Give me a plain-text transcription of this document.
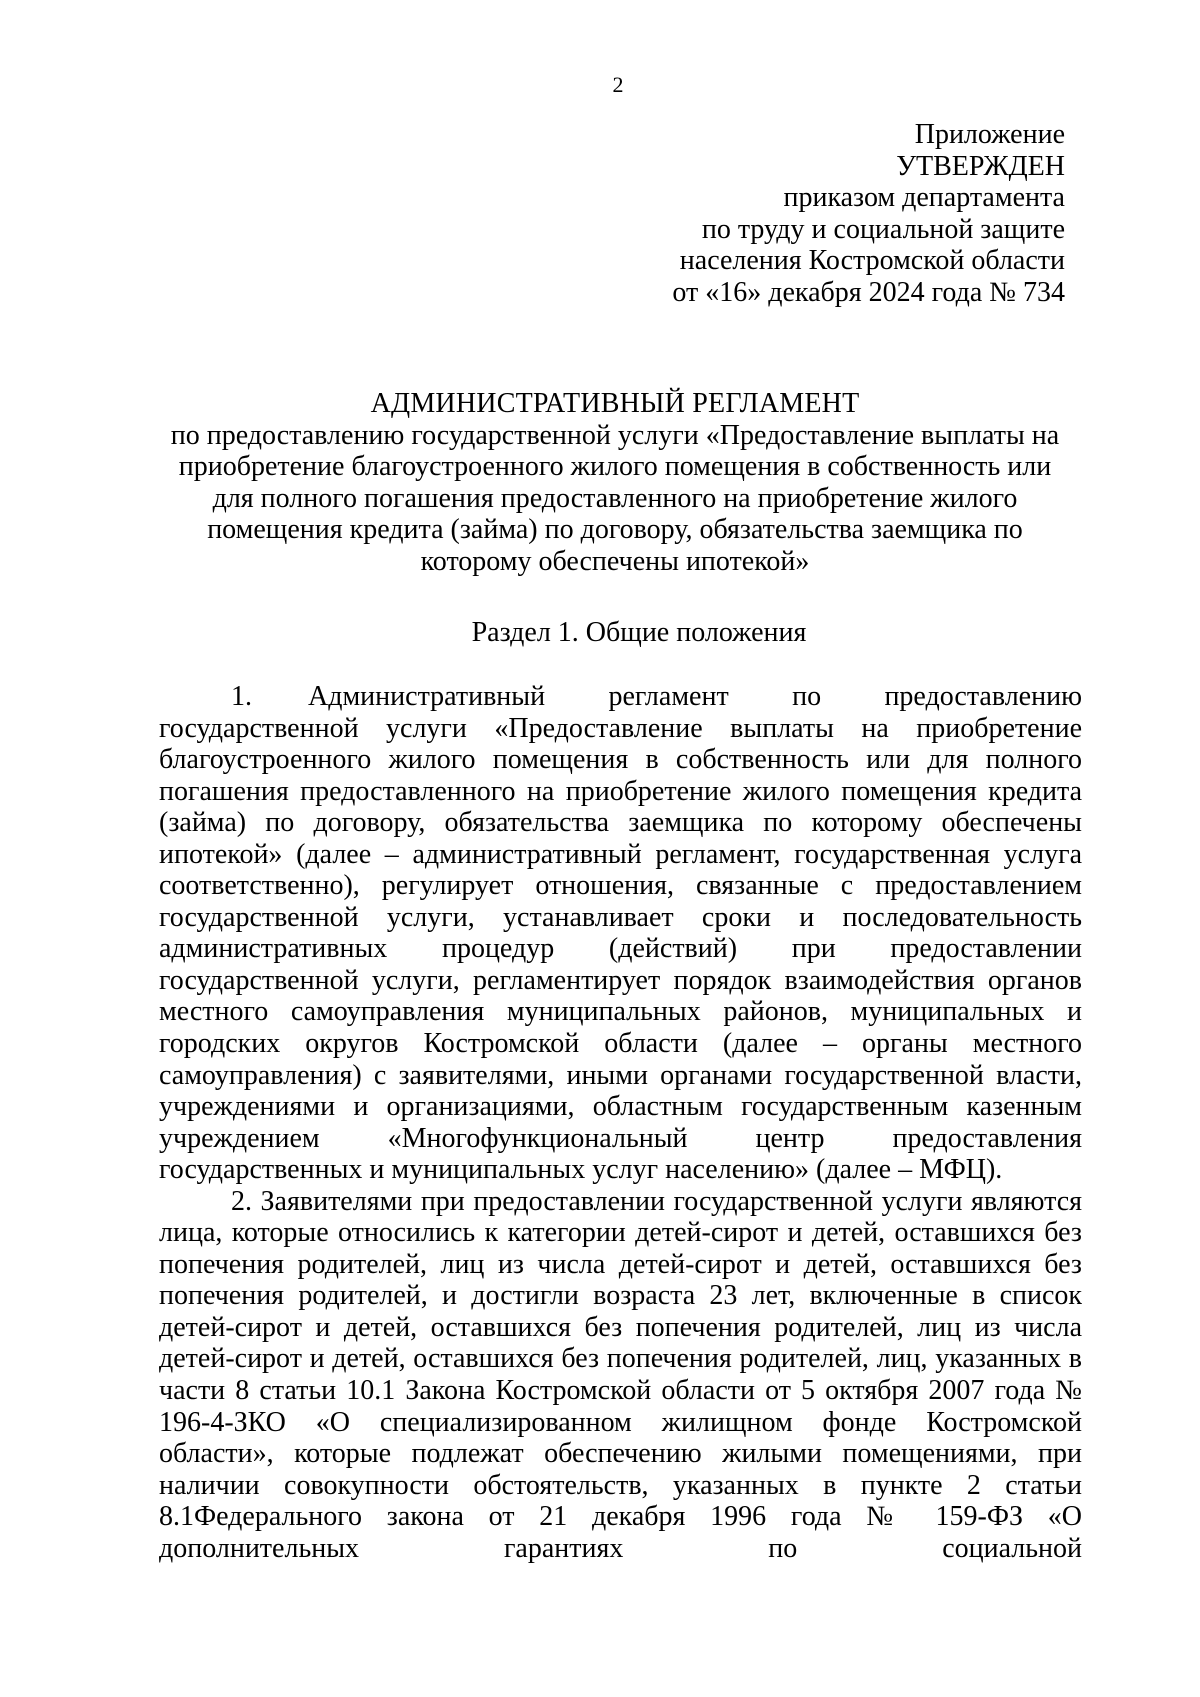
2
Приложение
УТВЕРЖДЕН
приказом департамента
по труду и социальной защите
населения Костромской области
от «16» декабря 2024 года № 734
АДМИНИСТРАТИВНЫЙ РЕГЛАМЕНТ
по предоставлению государственной услуги «Предоставление выплаты на
приобретение благоустроенного жилого помещения в собственность или
для полного погашения предоставленного на приобретение жилого
помещения кредита (займа) по договору, обязательства заемщика по
которому обеспечены ипотекой»
Раздел 1. Общие положения

1.  Административный регламент по предоставлению государственной услуги «Предоставление выплаты на приобретение благоустроенного жилого помещения в собственность или для полного погашения предоставленного на приобретение жилого помещения кредита (займа) по договору, обязательства заемщика по которому обеспечены ипотекой» (далее – административный регламент, государственная услуга соответственно), регулирует отношения, связанные с предоставлением государственной услуги, устанавливает сроки и последовательность административных процедур (действий) при предоставлении государственной услуги, регламентирует порядок взаимодействия органов местного самоуправления муниципальных районов, муниципальных и городских округов Костромской области (далее – органы местного самоуправления) с заявителями, иными органами государственной власти, учреждениями и организациями, областным государственным казенным учреждением «Многофункциональный центр предоставления государственных и муниципальных услуг населению» (далее – МФЦ).

2. Заявителями при предоставлении государственной услуги являются лица, которые относились к категории детей-сирот и детей, оставшихся без попечения родителей, лиц из числа детей-сирот и детей, оставшихся без попечения родителей, и достигли возраста 23 лет, включенные в список детей-сирот и детей, оставшихся без попечения родителей, лиц из числа детей-сирот и детей, оставшихся без попечения родителей, лиц, указанных в части 8 статьи 10.1 Закона Костромской области от 5 октября 2007 года № 196-4-ЗКО «О специализированном жилищном фонде Костромской области», которые подлежат обеспечению жилыми помещениями, при наличии совокупности обстоятельств, указанных в пункте 2 статьи 8.1Федерального закона от 21 декабря 1996 года № 159-ФЗ «О дополнительных гарантиях по социальной
